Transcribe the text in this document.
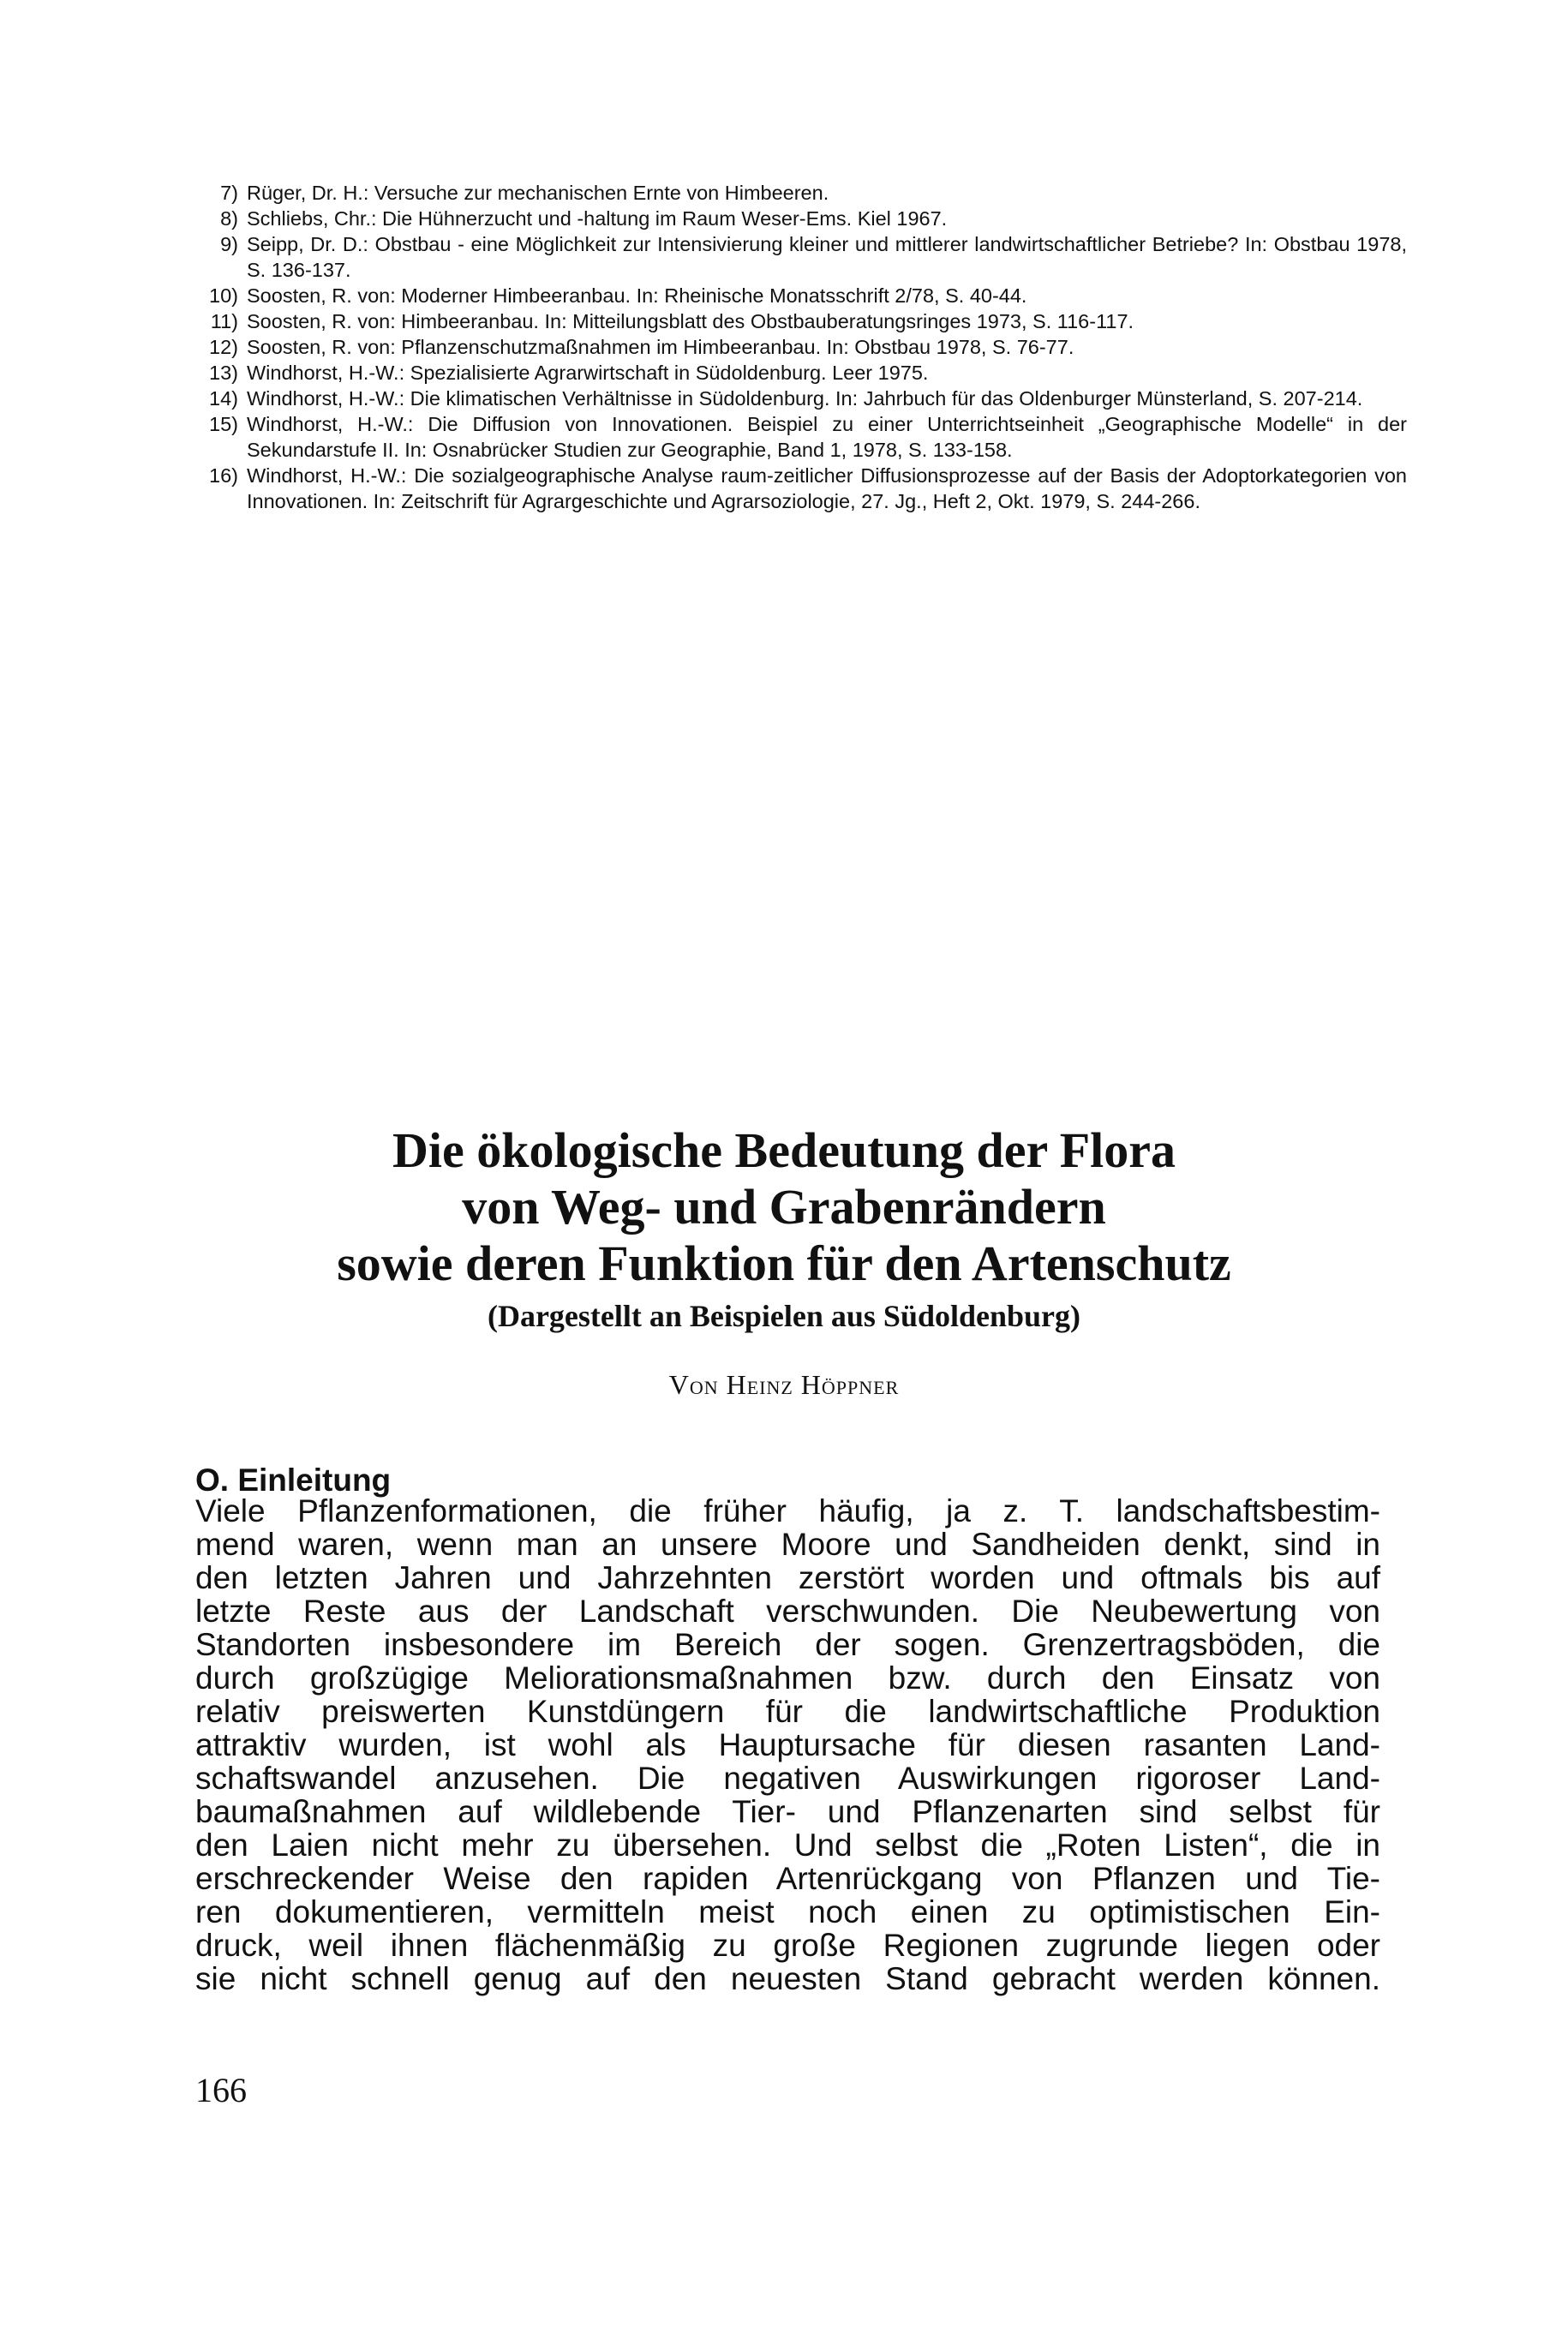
7) Rüger, Dr. H.: Versuche zur mechanischen Ernte von Himbeeren.
8) Schliebs, Chr.: Die Hühnerzucht und -haltung im Raum Weser-Ems. Kiel 1967.
9) Seipp, Dr. D.: Obstbau - eine Möglichkeit zur Intensivierung kleiner und mittlerer landwirtschaftlicher Betriebe? In: Obstbau 1978, S. 136-137.
10) Soosten, R. von: Moderner Himbeeranbau. In: Rheinische Monatsschrift 2/78, S. 40-44.
11) Soosten, R. von: Himbeeranbau. In: Mitteilungsblatt des Obstbauberatungsringes 1973, S. 116-117.
12) Soosten, R. von: Pflanzenschutzmaßnahmen im Himbeeranbau. In: Obstbau 1978, S. 76-77.
13) Windhorst, H.-W.: Spezialisierte Agrarwirtschaft in Südoldenburg. Leer 1975.
14) Windhorst, H.-W.: Die klimatischen Verhältnisse in Südoldenburg. In: Jahrbuch für das Oldenburger Münsterland, S. 207-214.
15) Windhorst, H.-W.: Die Diffusion von Innovationen. Beispiel zu einer Unterrichtseinheit „Geographische Modelle“ in der Sekundarstufe II. In: Osnabrücker Studien zur Geographie, Band 1, 1978, S. 133-158.
16) Windhorst, H.-W.: Die sozialgeographische Analyse raum-zeitlicher Diffusionsprozesse auf der Basis der Adoptorkategorien von Innovationen. In: Zeitschrift für Agrargeschichte und Agrarsoziologie, 27. Jg., Heft 2, Okt. 1979, S. 244-266.
Die ökologische Bedeutung der Flora
von Weg- und Grabenrändern
sowie deren Funktion für den Artenschutz
(Dargestellt an Beispielen aus Südoldenburg)
Von Heinz Höppner
O. Einleitung
Viele Pflanzenformationen, die früher häufig, ja z. T. landschaftsbestim-
mend waren, wenn man an unsere Moore und Sandheiden denkt, sind in
den letzten Jahren und Jahrzehnten zerstört worden und oftmals bis auf
letzte Reste aus der Landschaft verschwunden. Die Neubewertung von
Standorten insbesondere im Bereich der sogen. Grenzertragsböden, die
durch großzügige Meliorationsmaßnahmen bzw. durch den Einsatz von
relativ preiswerten Kunstdüngern für die landwirtschaftliche Produktion
attraktiv wurden, ist wohl als Hauptursache für diesen rasanten Land-
schaftswandel anzusehen. Die negativen Auswirkungen rigoroser Land-
baumaßnahmen auf wildlebende Tier- und Pflanzenarten sind selbst für
den Laien nicht mehr zu übersehen. Und selbst die „Roten Listen“, die in
erschreckender Weise den rapiden Artenrückgang von Pflanzen und Tie-
ren dokumentieren, vermitteln meist noch einen zu optimistischen Ein-
druck, weil ihnen flächenmäßig zu große Regionen zugrunde liegen oder
sie nicht schnell genug auf den neuesten Stand gebracht werden können.
166
